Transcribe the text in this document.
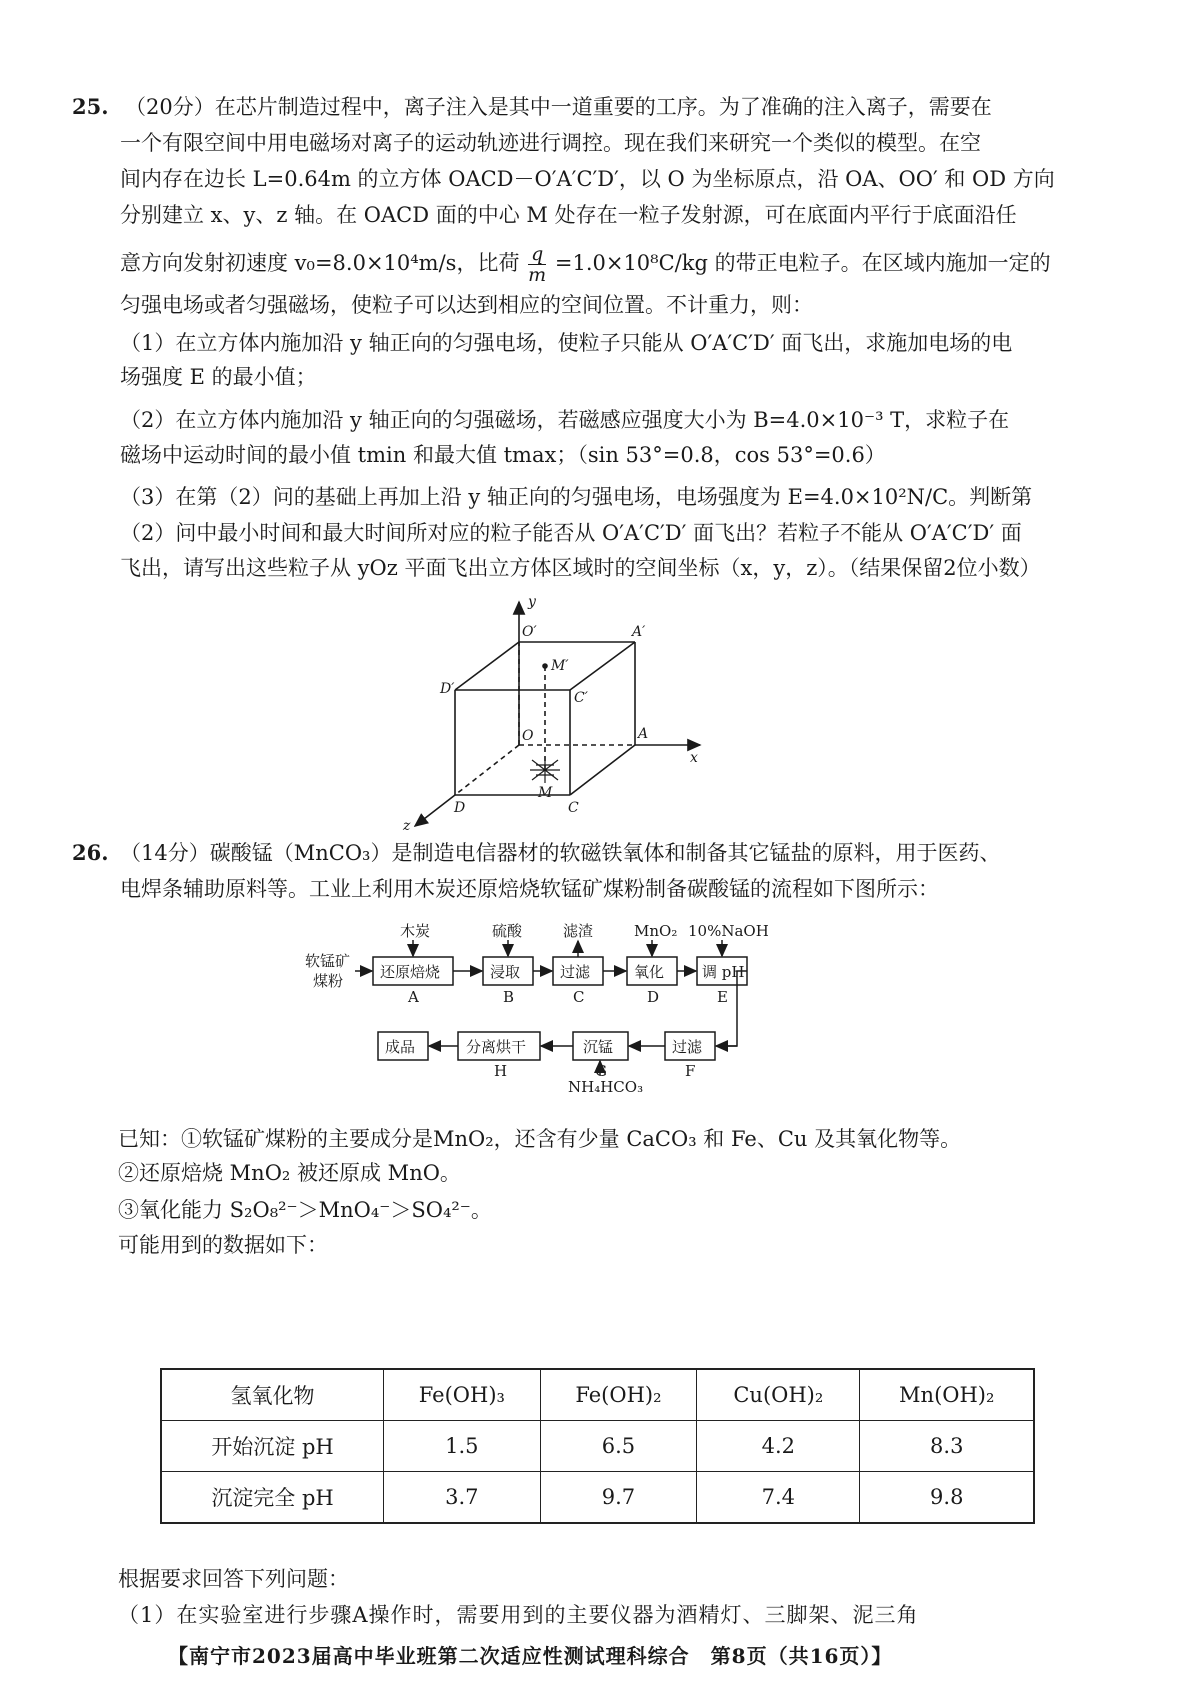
25. （20分）在芯片制造过程中，离子注入是其中一道重要的工序。为了准确的注入离子，需要在
一个有限空间中用电磁场对离子的运动轨迹进行调控。现在我们来研究一个类似的模型。在空
间内存在边长 L=0.64m 的立方体 OACD－O′A′C′D′，以 O 为坐标原点，沿 OA、OO′ 和 OD 方向
分别建立 x、y、z 轴。在 OACD 面的中心 M 处存在一粒子发射源，可在底面内平行于底面沿任
意方向发射初速度 v₀=8.0×10⁴m/s，比荷 $\frac{q}{m} =1.0\times 10^8C/kg$ 的带正电粒子。在区域内施加一定的
匀强电场或者匀强磁场，使粒子可以达到相应的空间位置。不计重力，则：
（1）在立方体内施加沿 y 轴正向的匀强电场，使粒子只能从 O′A′C′D′ 面飞出，求施加电场的电
场强度 E 的最小值；
（2）在立方体内施加沿 y 轴正向的匀强磁场，若磁感应强度大小为 B=4.0×10⁻³ T，求粒子在
磁场中运动时间的最小值 tmin 和最大值 tmax；（sin 53°=0.8，cos 53°=0.6）
（3）在第（2）问的基础上再加上沿 y 轴正向的匀强电场，电场强度为 E=4.0×10²N/C。判断第
（2）问中最小时间和最大时间所对应的粒子能否从 O′A′C′D′ 面飞出？若粒子不能从 O′A′C′D′ 面
飞出，请写出这些粒子从 yOz 平面飞出立方体区域时的空间坐标（x，y，z）。（结果保留2位小数）
y
O′	A′
M′
D′
C′
O	A
x
M
D	C
z
26. （14分）碳酸锰（MnCO₃）是制造电信器材的软磁铁氧体和制备其它锰盐的原料，用于医药、
电焊条辅助原料等。工业上利用木炭还原焙烧软锰矿煤粉制备碳酸锰的流程如下图所示：
软锰矿
煤粉
木炭	硫酸	滤渣	MnO₂ 10%NaOH
还原焙烧	浸取	过滤	氧化	调 pH
过滤
沉锰
分离烘干
成品
A	B	C	D	E
F
G
H
NH₄HCO₃
已知：①软锰矿煤粉的主要成分是MnO₂，还含有少量 CaCO₃ 和 Fe、Cu 及其氧化物等。
②还原焙烧 MnO₂ 被还原成 MnO。
③氧化能力 S₂O₈²⁻＞MnO₄⁻＞SO₄²⁻。
可能用到的数据如下：
氢氧化物	Fe(OH)₃	Fe(OH)₂	Cu(OH)₂	Mn(OH)₂
开始沉淀 pH	1.5	6.5	4.2	8.3
沉淀完全 pH	3.7	9.7	7.4	9.8
根据要求回答下列问题：
（1）在实验室进行步骤A操作时，需要用到的主要仪器为酒精灯、三脚架、泥三角
【南宁市2023届高中毕业班第二次适应性测试理科综合　第8页（共16页）】
